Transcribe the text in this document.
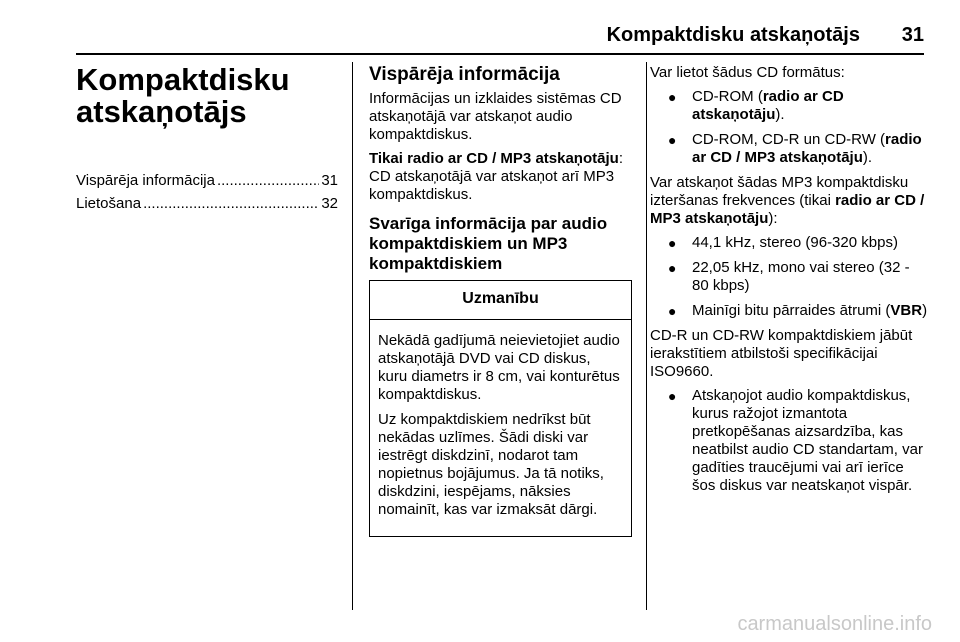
Kompaktdisku atskaņotājs 31
Kompaktdisku
atskaņotājs
Vispārēja informācija .....	31
Lietošana .....	32
Vispārēja informācija

Informācijas un izklaides sistēmas CD atskaņotājā var atskaņot audio kompaktdiskus.

Tikai radio ar CD / MP3 atskaņotāju: CD atskaņotājā var atskaņot arī MP3 kompaktdiskus.

Svarīga informācija par audio kompaktdiskiem un MP3 kompaktdiskiem
Uzmanību

Nekādā gadījumā neievietojiet audio atskaņotājā DVD vai CD diskus, kuru diametrs ir 8 cm, vai konturētus kompaktdiskus.

Uz kompaktdiskiem nedrīkst būt nekādas uzlīmes. Šādi diski var iestrēgt diskdzinī, nodarot tam nopietnus bojājumus. Ja tā notiks, diskdzini, iespējams, nāksies nomainīt, kas var izmaksāt dārgi.

Var lietot šādus CD formātus:

● CD-ROM (radio ar CD atskaņotāju).
● CD-ROM, CD-R un CD-RW (radio ar CD / MP3 atskaņotāju).

Var atskaņot šādas MP3 kompaktdisku izteršanas frekvences (tikai radio ar CD / MP3 atskaņotāju):

● 44,1 kHz, stereo (96-320 kbps)
● 22,05 kHz, mono vai stereo (32 - 80 kbps)
● Mainīgi bitu pārraides ātrumi (VBR)

CD-R un CD-RW kompaktdiskiem jābūt ierakstītiem atbilstoši specifikācijai ISO9660.

● Atskaņojot audio kompaktdiskus, kurus ražojot izmantota pretkopēšanas aizsardzība, kas neatbilst audio CD standartam, var gadīties traucējumi vai arī ierīce šos diskus var neatskaņot vispār.
carmanualsonline.info
